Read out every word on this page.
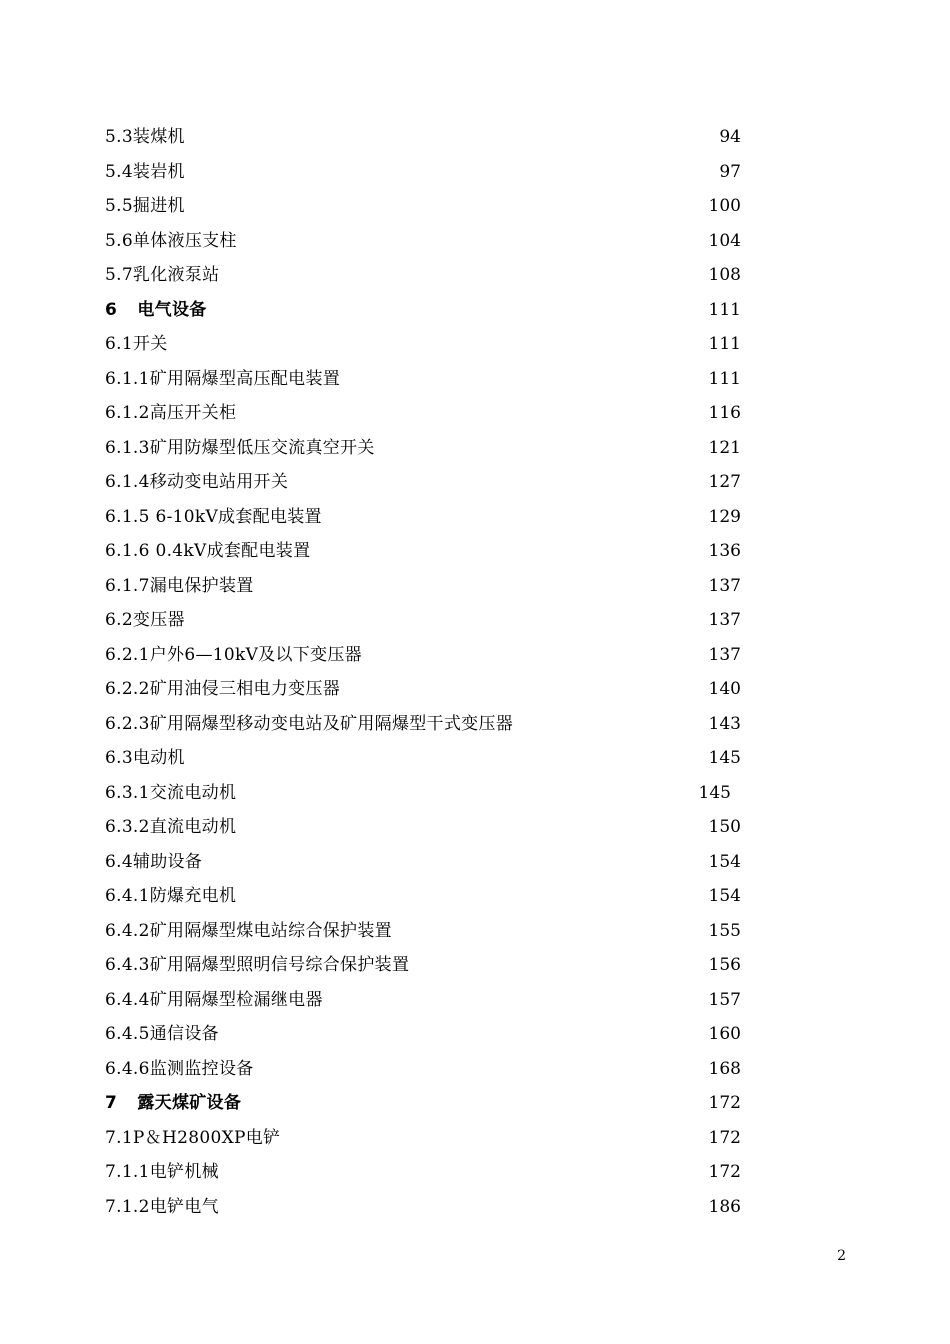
5.3装煤机	94
5.4装岩机	97
5.5掘进机	100
5.6单体液压支柱	104
5.7乳化液泵站	108
6 电气设备	111
6.1开关	111
6.1.1矿用隔爆型高压配电装置	111
6.1.2高压开关柜	116
6.1.3矿用防爆型低压交流真空开关	121
6.1.4移动变电站用开关	127
6.1.5 6-10kV成套配电装置	129
6.1.6 0.4kV成套配电装置	136
6.1.7漏电保护装置	137
6.2变压器	137
6.2.1户外6—10kV及以下变压器	137
6.2.2矿用油侵三相电力变压器	140
6.2.3矿用隔爆型移动变电站及矿用隔爆型干式变压器	143
6.3电动机	145
6.3.1交流电动机	145
6.3.2直流电动机	150
6.4辅助设备	154
6.4.1防爆充电机	154
6.4.2矿用隔爆型煤电站综合保护装置	155
6.4.3矿用隔爆型照明信号综合保护装置	156
6.4.4矿用隔爆型检漏继电器	157
6.4.5通信设备	160
6.4.6监测监控设备	168
7 露天煤矿设备	172
7.1P＆H2800XP电铲	172
7.1.1电铲机械	172
7.1.2电铲电气	186
2
